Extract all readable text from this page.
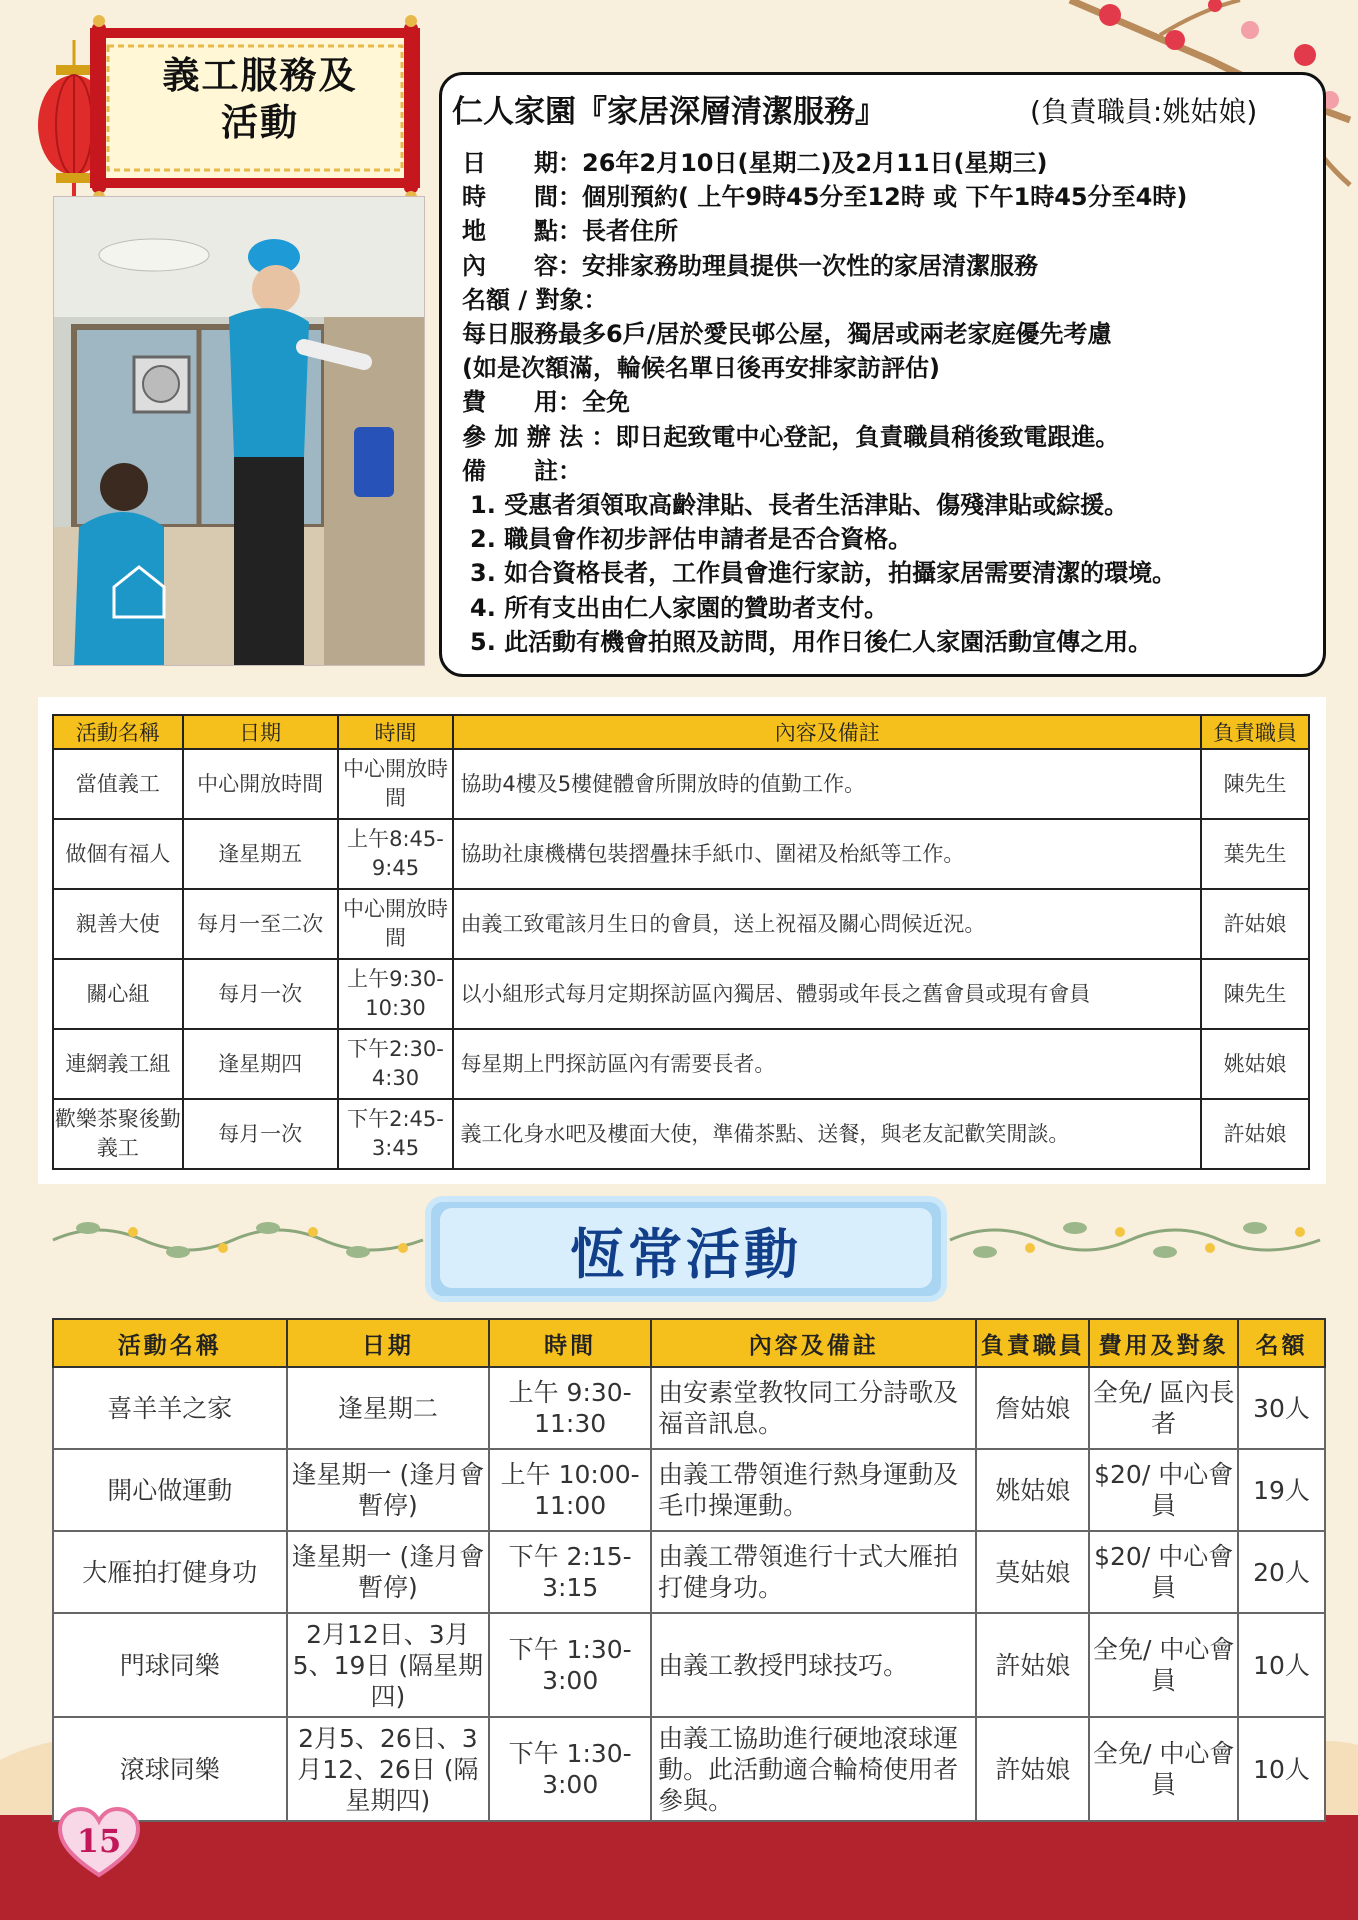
義工服務及
活動	仁人家園『家居深層清潔服務』	(負責職員:姚姑娘)
日　　期：26年2月10日(星期二)及2月11日(星期三)
時　　間：個別預約( 上午9時45分至12時 或 下午1時45分至4時)
地　　點：長者住所
內　　容：安排家務助理員提供一次性的家居清潔服務
名額 / 對象：
每日服務最多6戶/居於愛民邨公屋，獨居或兩老家庭優先考慮
(如是次額滿，輪候名單日後再安排家訪評估)
費　　用：全免
參 加 辦 法 ：即日起致電中心登記，負責職員稍後致電跟進。
備　　註：
1. 受惠者須領取高齡津貼、長者生活津貼、傷殘津貼或綜援。
2. 職員會作初步評估申請者是否合資格。
3. 如合資格長者，工作員會進行家訪，拍攝家居需要清潔的環境。
4. 所有支出由仁人家園的贊助者支付。
5. 此活動有機會拍照及訪問，用作日後仁人家園活動宣傳之用。
活動名稱	日期	時間	內容及備註	負責職員
當值義工	中心開放時間	中心開放時間	協助4樓及5樓健體會所開放時的值勤工作。	陳先生
做個有福人	逢星期五	上午8:45-9:45	協助社康機構包裝摺疊抹手紙巾、圍裙及枱紙等工作。	葉先生
親善大使	每月一至二次	中心開放時間	由義工致電該月生日的會員，送上祝福及關心問候近況。	許姑娘
關心組	每月一次	上午9:30-10:30	以小組形式每月定期探訪區內獨居、體弱或年長之舊會員或現有會員	陳先生
連網義工組	逢星期四	下午2:30-4:30	每星期上門探訪區內有需要長者。	姚姑娘
歡樂茶聚後勤義工	每月一次	下午2:45-3:45	義工化身水吧及樓面大使，準備茶點、送餐，與老友記歡笑閒談。	許姑娘
恆常活動
活動名稱	日期	時間	內容及備註	負責職員	費用及對象	名額
喜羊羊之家	逢星期二	上午 9:30-11:30	由安素堂教牧同工分詩歌及福音訊息。	詹姑娘	全免/ 區內長者	30人
開心做運動	逢星期一 (逢月會暫停)	上午 10:00-11:00	由義工帶領進行熱身運動及毛巾操運動。	姚姑娘	$20/ 中心會員	19人
大雁拍打健身功	逢星期一 (逢月會暫停)	下午 2:15-3:15	由義工帶領進行十式大雁拍打健身功。	莫姑娘	$20/ 中心會員	20人
門球同樂	2月12日、3月5、19日 (隔星期四)	下午 1:30-3:00	由義工教授門球技巧。	許姑娘	全免/ 中心會員	10人
滾球同樂	2月5、26日、3月12、26日 (隔星期四)	下午 1:30-3:00	由義工協助進行硬地滾球運動。此活動適合輪椅使用者參與。	許姑娘	全免/ 中心會員	10人
15
